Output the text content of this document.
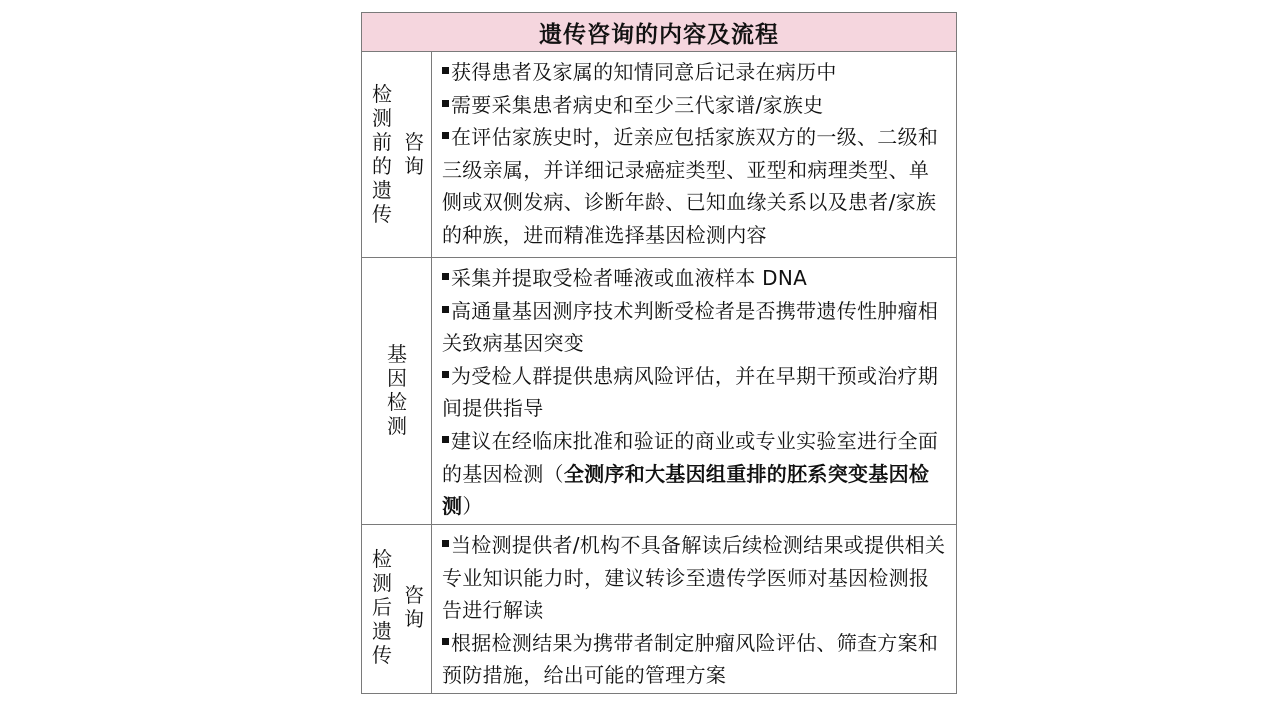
遗传咨询的内容及流程
检测前的遗传
咨询

获得患者及家属的知情同意后记录在病历中

需要采集患者病史和至少三代家谱/家族史

在评估家族史时，近亲应包括家族双方的一级、二级和三级亲属，并详细记录癌症类型、亚型和病理类型、单侧或双侧发病、诊断年龄、已知血缘关系以及患者/家族的种族，进而精准选择基因检测内容

基因检测

采集并提取受检者唾液或血液样本 DNA

高通量基因测序技术判断受检者是否携带遗传性肿瘤相关致病基因突变

为受检人群提供患病风险评估，并在早期干预或治疗期间提供指导

建议在经临床批准和验证的商业或专业实验室进行全面的基因检测（全测序和大基因组重排的胚系突变基因检测）

检测后遗传
咨询

当检测提供者/机构不具备解读后续检测结果或提供相关专业知识能力时，建议转诊至遗传学医师对基因检测报告进行解读

根据检测结果为携带者制定肿瘤风险评估、筛查方案和预防措施，给出可能的管理方案
